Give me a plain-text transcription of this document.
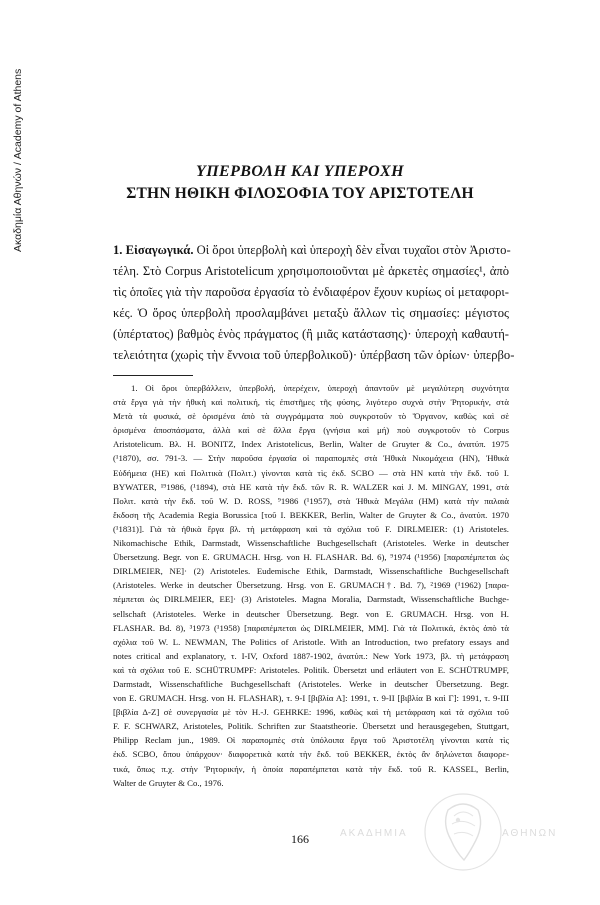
Ακαδημία Αθηνών / Academy of Athens	ΥΠΕΡΒΟΛΗ ΚΑΙ ΥΠΕΡΟΧΗ
ΣΤΗΝ ΗΘΙΚΗ ΦΙΛΟΣΟΦΙΑ ΤΟΥ ΑΡΙΣΤΟΤΕΛΗ
1. Εἰσαγωγικά. Οἱ ὅροι ὑπερβολὴ καὶ ὑπεροχὴ δὲν εἶναι τυχαῖοι στὸν Ἀριστο-
τέλη. Στὸ Corpus Aristotelicum χρησιμοποιοῦνται μὲ ἀρκετὲς σημασίες¹, ἀπὸ
τὶς ὁποῖες γιὰ τὴν παροῦσα ἐργασία τὸ ἐνδιαφέρον ἔχουν κυρίως οἱ μεταφορι-
κές. Ὁ ὅρος ὑπερβολὴ προσλαμβάνει μεταξὺ ἄλλων τὶς σημασίες: μέγιστος
(ὑπέρτατος) βαθμὸς ἑνὸς πράγματος (ἢ μιᾶς κατάστασης)· ὑπεροχὴ καθαυτή-
τελειότητα (χωρὶς τὴν ἔννοια τοῦ ὑπερβολικοῦ)· ὑπέρβαση τῶν ὁρίων· ὑπερβο-
1. Οἱ ὅροι ὑπερβάλλειν, ὑπερβολή, ὑπερέχειν, ὑπεροχὴ ἀπαντοῦν μὲ μεγαλύτερη συχνότητα
στὰ ἔργα γιὰ τὴν ἠθικὴ καὶ πολιτική, τὶς ἐπιστῆμες τῆς φύσης, λιγότερο συχνὰ στὴν Ῥητορικήν, στὰ
Μετὰ τὰ φυσικά, σὲ ὁρισμένα ἀπὸ τὰ συγγράμματα ποὺ συγκροτοῦν τὸ Ὄργανον, καθὼς καὶ σὲ
ὁρισμένα ἀποσπάσματα, ἀλλὰ καὶ σὲ ἄλλα ἔργα (γνήσια καὶ μή) ποὺ συγκροτοῦν τὸ Corpus
Aristotelicum. Βλ. H. BONITZ, Index Aristotelicus, Berlin, Walter de Gruyter & Co., ἀνατύπ. 1975
(¹1870), σσ. 791-3. — Στὴν παροῦσα ἐργασία οἱ παραπομπὲς στὰ Ἠθικὰ Νικομάχεια (ΗΝ), Ἠθικὰ
Εὐδήμεια (ΗΕ) καὶ Πολιτικὰ (Πολιτ.) γίνονται κατὰ τὶς ἐκδ. SCBO — στὰ ΗΝ κατὰ τὴν ἔκδ. τοῦ I.
BYWATER, ¹⁹1986, (¹1894), στὰ ΗΕ κατὰ τὴν ἔκδ. τῶν R. R. WALZER καὶ J. M. MINGAY, 1991, στὰ
Πολιτ. κατὰ τὴν ἔκδ. τοῦ W. D. ROSS, ⁹1986 (¹1957), στὰ Ἠθικὰ Μεγάλα (ΗΜ) κατὰ τὴν παλαιὰ
ἔκδοση τῆς Academia Regia Borussica [τοῦ I. BEKKER, Berlin, Walter de Gruyter & Co., ἀνατύπ. 1970
(¹1831)]. Γιὰ τὰ ἠθικὰ ἔργα βλ. τὴ μετάφραση καὶ τὰ σχόλια τοῦ F. DIRLMEIER: (1) Aristoteles.
Nikomachische Ethik, Darmstadt, Wissenschaftliche Buchgesellschaft (Aristoteles. Werke in deutscher
Übersetzung. Begr. von E. GRUMACH. Hrsg. von H. FLASHAR. Bd. 6), ⁹1974 (¹1956) [παραπέμπεται ὡς
DIRLMEIER, NE]· (2) Aristoteles. Eudemische Ethik, Darmstadt, Wissenschaftliche Buchgesellschaft
(Aristoteles. Werke in deutscher Übersetzung. Hrsg. von E. GRUMACH†. Bd. 7), ²1969 (¹1962) [παρα-
πέμπεται ὡς DIRLMEIER, EE]· (3) Aristoteles. Magna Moralia, Darmstadt, Wissenschaftliche Buchge-
sellschaft (Aristoteles. Werke in deutscher Übersetzung. Begr. von E. GRUMACH. Hrsg. von H.
FLASHAR. Bd. 8), ³1973 (¹1958) [παραπέμπεται ὡς DIRLMEIER, MM]. Γιὰ τὰ Πολιτικά, ἐκτὸς ἀπὸ τὰ
σχόλια τοῦ W. L. NEWMAN, The Politics of Aristotle. With an Introduction, two prefatory essays and
notes critical and explanatory, τ. I-IV, Oxford 1887-1902, ἀνατύπ.: New York 1973, βλ. τὴ μετάφραση
καὶ τὰ σχόλια τοῦ E. SCHÜTRUMPF: Aristoteles. Politik. Übersetzt und erläutert von E. SCHÜTRUMPF,
Darmstadt, Wissenschaftliche Buchgesellschaft (Aristoteles. Werke in deutscher Übersetzung. Begr.
von E. GRUMACH. Hrsg. von H. FLASHAR), τ. 9-I [βιβλία Α]: 1991, τ. 9-II [βιβλία Β καὶ Γ]: 1991, τ. 9-III
[βιβλία Δ-Ζ] σὲ συνεργασία μὲ τὸν H.-J. GEHRKE: 1996, καθὼς καὶ τὴ μετάφραση καὶ τὰ σχόλια τοῦ
F. F. SCHWARZ, Aristoteles, Politik. Schriften zur Staatstheorie. Übersetzt und herausgegeben, Stuttgart,
Philipp Reclam jun., 1989. Οἱ παραπομπὲς στὰ ὑπόλοιπα ἔργα τοῦ Ἀριστοτέλη γίνονται κατὰ τὶς
ἐκδ. SCBO, ὅπου ὑπάρχουν· διαφορετικὰ κατὰ τὴν ἔκδ. τοῦ BEKKER, ἐκτὸς ἂν δηλώνεται διαφορε-
τικά, ὅπως π.χ. στὴν Ῥητορικήν, ἡ ὁποία παραπέμπεται κατὰ τὴν ἔκδ. τοῦ R. KASSEL, Berlin,
Walter de Gruyter & Co., 1976.
166	ΑΚΑΔΗΜΙΑ	ΑΘΗΝΩΝ
